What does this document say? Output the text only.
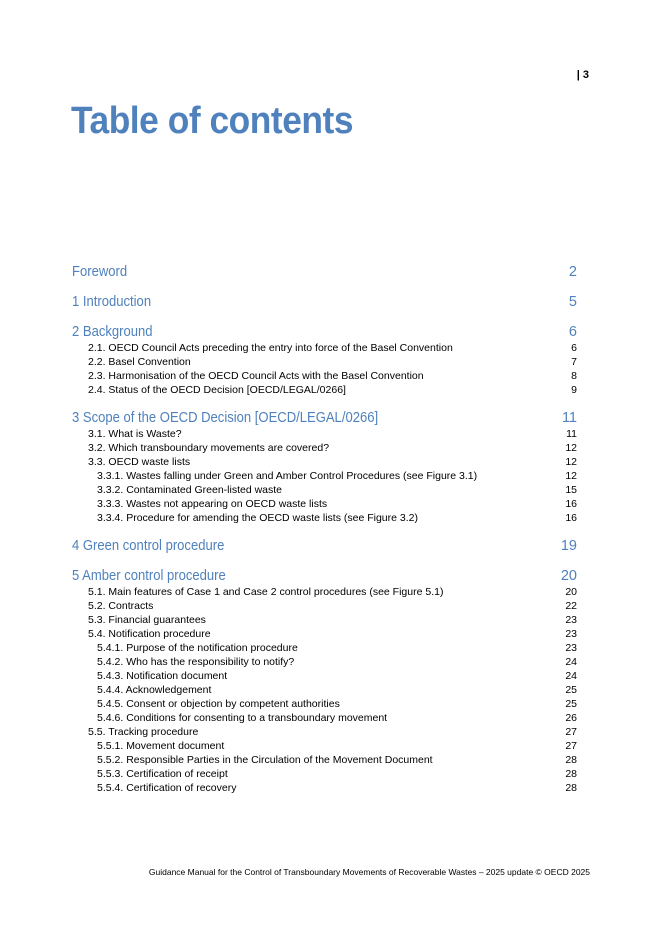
| 3
Table of contents
Foreword	2
1 Introduction	5
2 Background	6
2.1. OECD Council Acts preceding the entry into force of the Basel Convention	6
2.2. Basel Convention	7
2.3. Harmonisation of the OECD Council Acts with the Basel Convention	8
2.4. Status of the OECD Decision [OECD/LEGAL/0266]	9
3 Scope of the OECD Decision [OECD/LEGAL/0266]	11
3.1. What is Waste?	11
3.2. Which transboundary movements are covered?	12
3.3. OECD waste lists	12
3.3.1. Wastes falling under Green and Amber Control Procedures (see Figure 3.1)	12
3.3.2. Contaminated Green-listed waste	15
3.3.3. Wastes not appearing on OECD waste lists	16
3.3.4. Procedure for amending the OECD waste lists (see Figure 3.2)	16
4 Green control procedure	19
5 Amber control procedure	20
5.1. Main features of Case 1 and Case 2 control procedures (see Figure 5.1)	20
5.2. Contracts	22
5.3. Financial guarantees	23
5.4. Notification procedure	23
5.4.1. Purpose of the notification procedure	23
5.4.2. Who has the responsibility to notify?	24
5.4.3. Notification document	24
5.4.4. Acknowledgement	25
5.4.5. Consent or objection by competent authorities	25
5.4.6. Conditions for consenting to a transboundary movement	26
5.5. Tracking procedure	27
5.5.1. Movement document	27
5.5.2. Responsible Parties in the Circulation of the Movement Document	28
5.5.3. Certification of receipt	28
5.5.4. Certification of recovery	28
Guidance Manual for the Control of Transboundary Movements of Recoverable Wastes – 2025 update © OECD 2025
